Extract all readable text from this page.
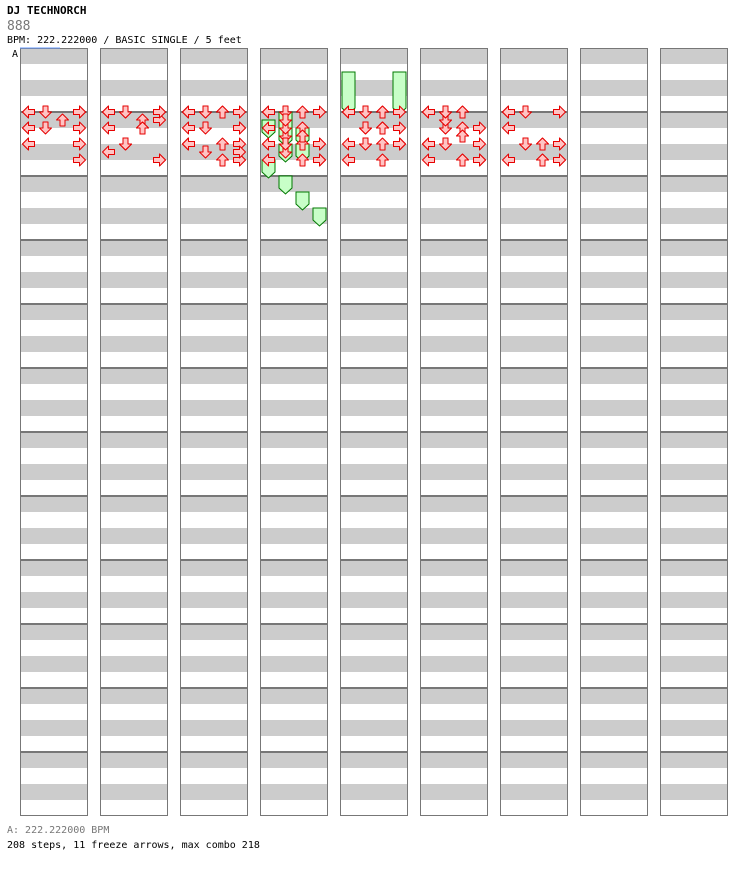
DJ TECHNORCH
888
BPM: 222.222000 / BASIC SINGLE / 5 feet
A
A: 222.222000 BPM
208 steps, 11 freeze arrows, max combo 218
